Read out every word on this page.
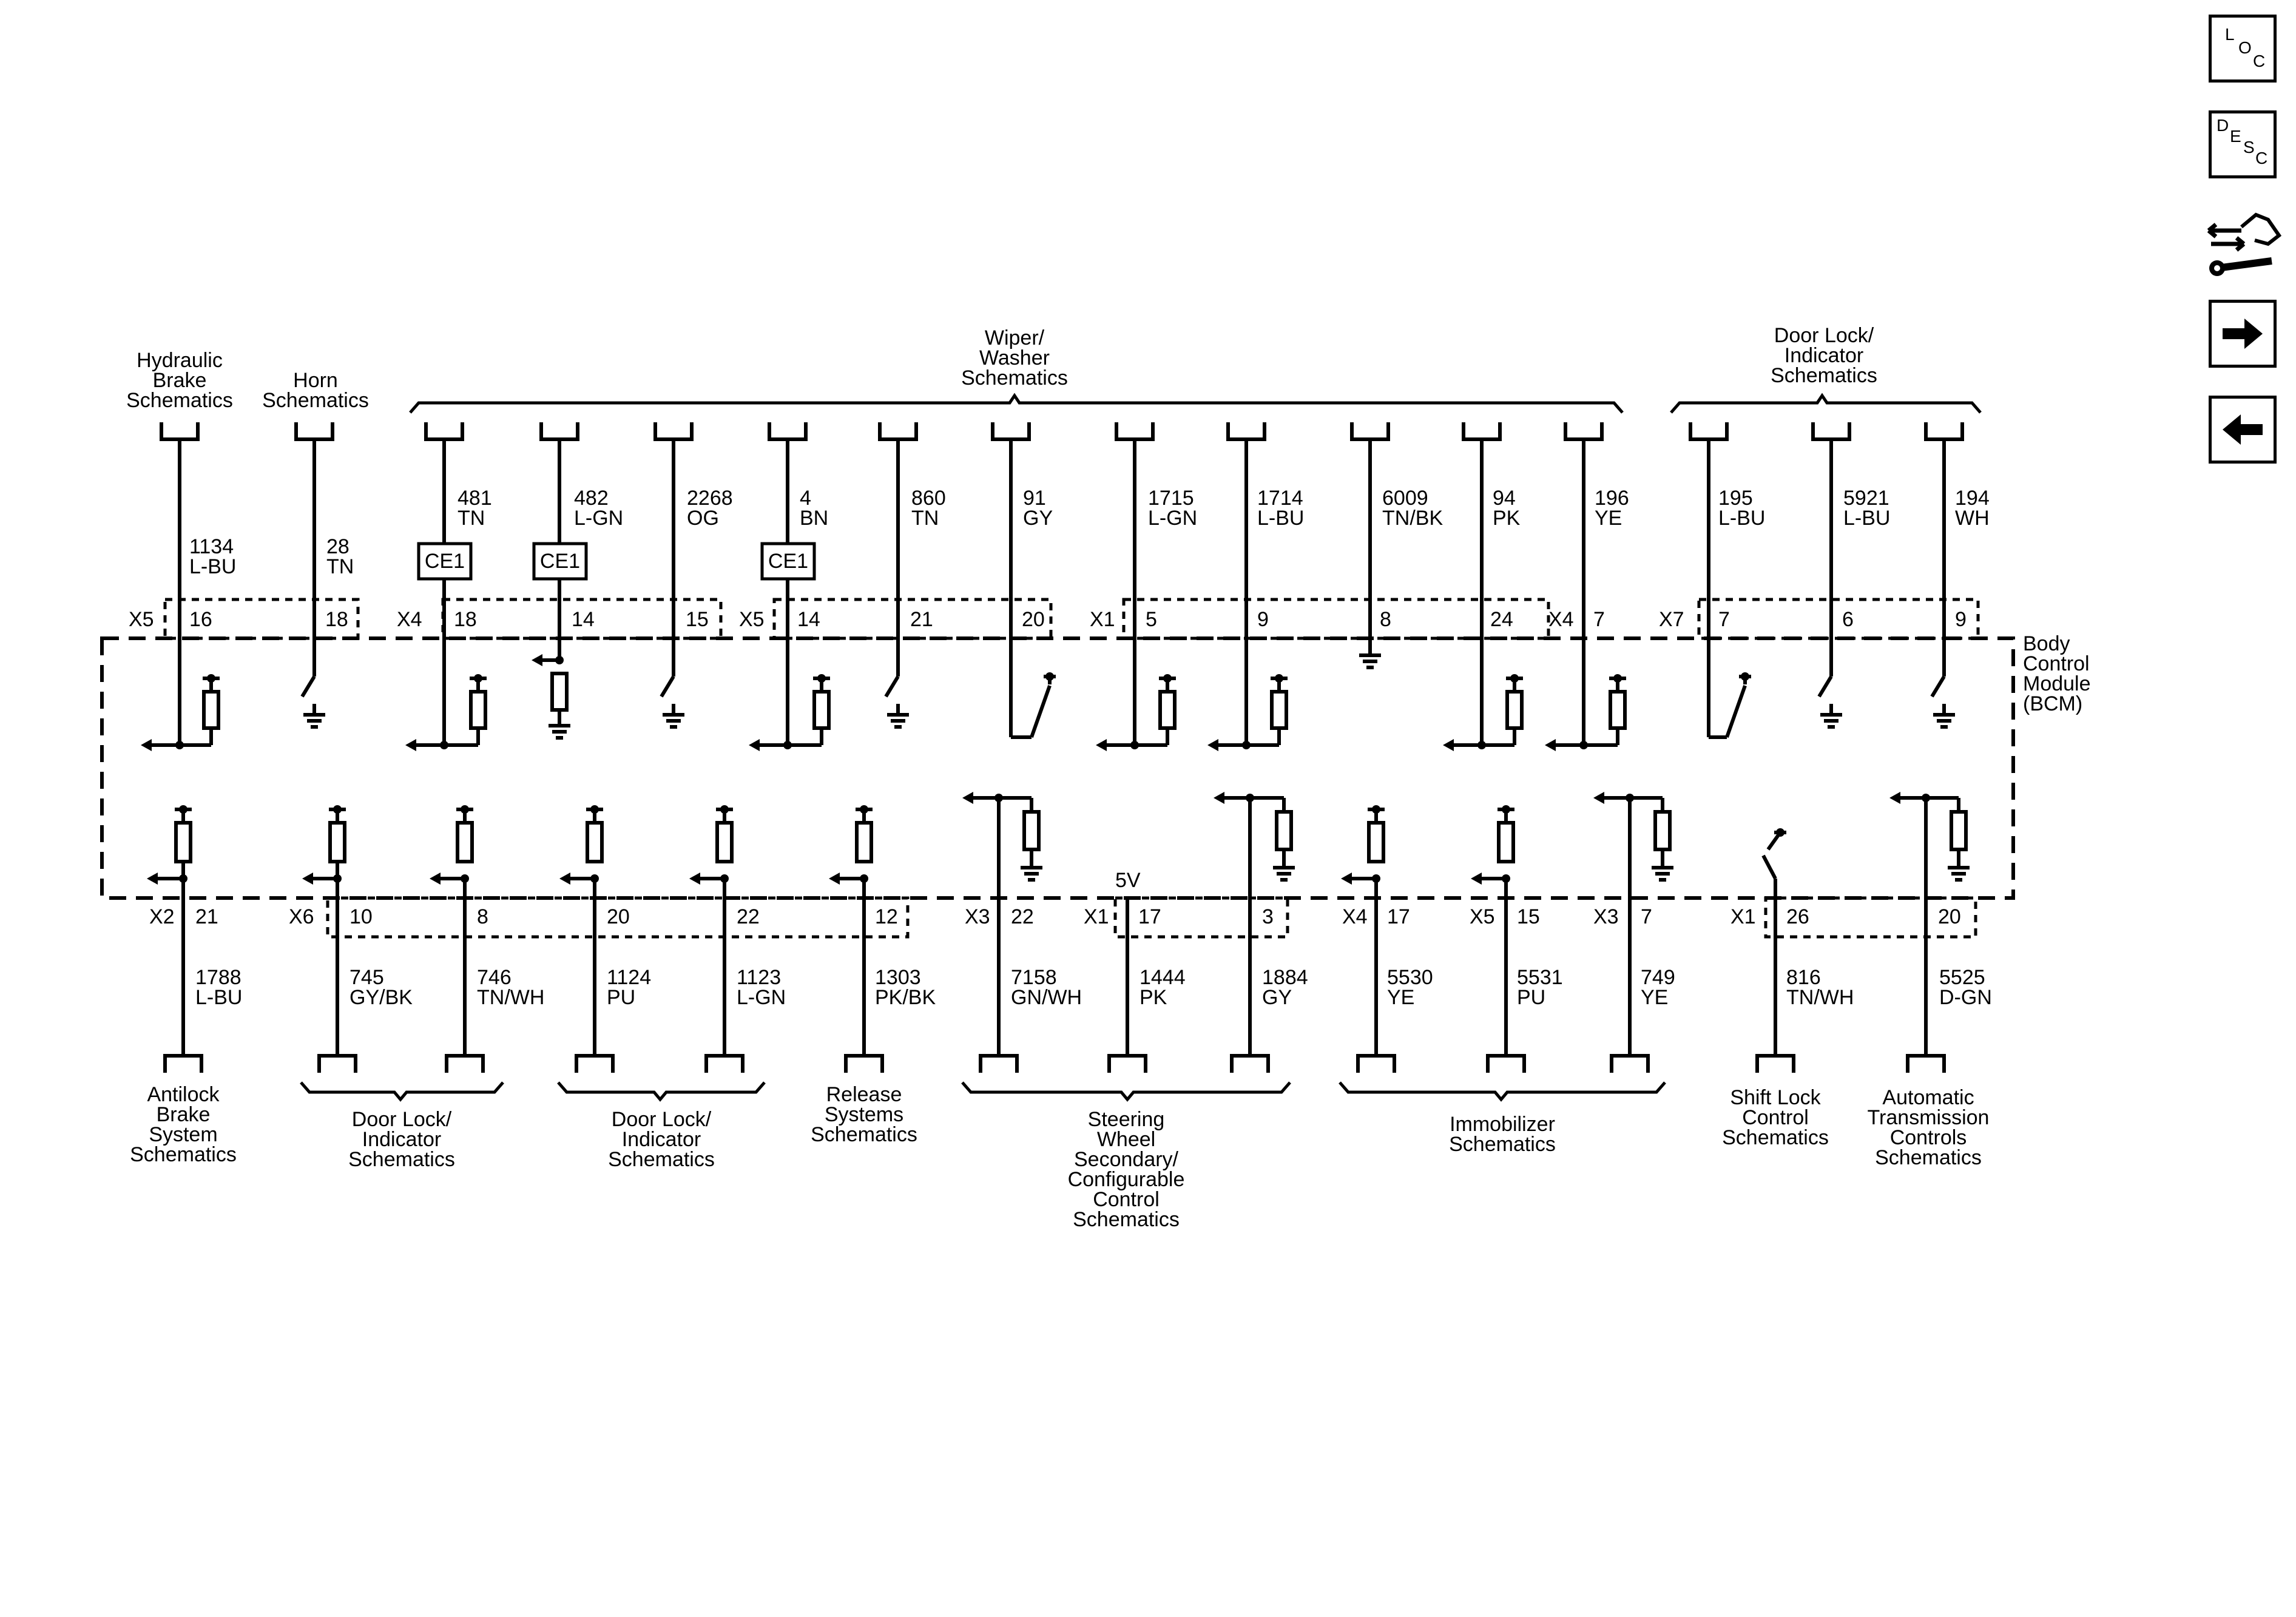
Hydraulic
Brake
Schematics
Horn
Schematics
Wiper/
Washer
Schematics
Door Lock/
Indicator
Schematics
1134
L-BU
28
TN
481
TN
482
L-GN
2268
OG
4
BN
860
TN
91
GY
1715
L-GN
1714
L-BU
6009
TN/BK
94
PK
196
YE
195
L-BU
5921
L-BU
194
WH
CE1	CE1	CE1
X5	X4	X5	X1	X4	X7
16	18	18	14	15	14	21	20	5	9	8	24	7	7	6	9
Body
Control
Module
(BCM)
5V
X2	X6	X3	X1	X4	X5	X3	X1
21	10	8	20	22	12	22	17	3	17	15	7	26	20
1788
L-BU
745
GY/BK
746
TN/WH
1124
PU
1123
L-GN
1303
PK/BK
7158
GN/WH
1444
PK
1884
GY
5530
YE
5531
PU
749
YE
816
TN/WH
5525
D-GN
Antilock
Brake
System
Schematics
Door Lock/
Indicator
Schematics
Door Lock/
Indicator
Schematics
Release
Systems
Schematics
Steering
Wheel
Secondary/
Configurable
Control
Schematics
Immobilizer
Schematics
Shift Lock
Control
Schematics
Automatic
Transmission
Controls
Schematics
L
O
C
D
E
S
C
